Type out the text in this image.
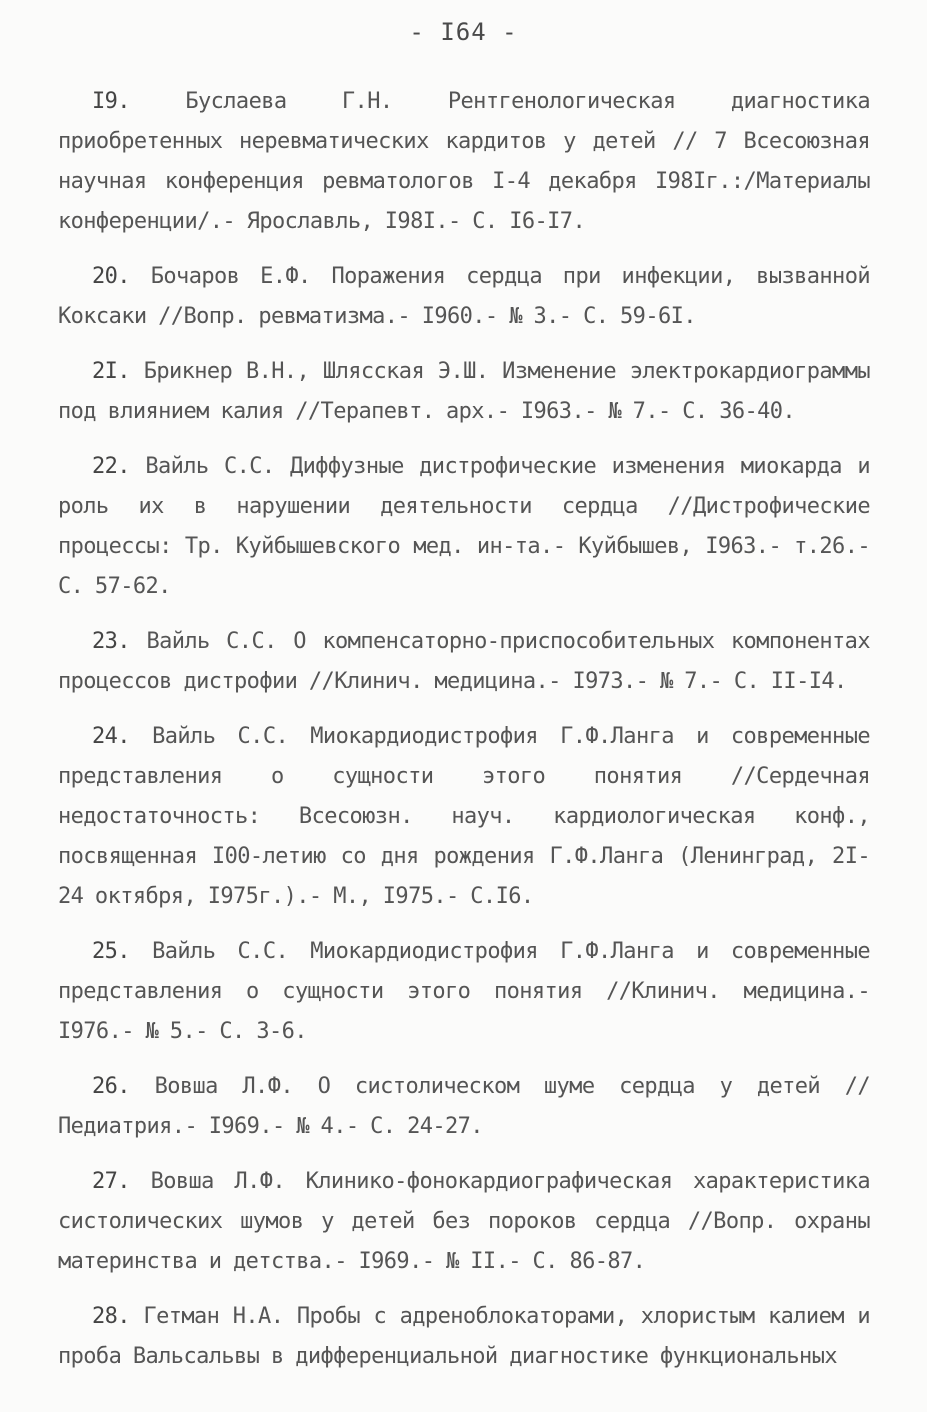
- I64 -

I9.	Буслаева Г.Н. Рентгенологическая диагностика приобретенных неревматических кардитов у детей // 7 Всесоюзная научная конференция ревматологов I-4 декабря I98Iг.:/Материалы конференции/.- Ярославль, I98I.- С. I6-I7.

20. Бочаров Е.Ф. Поражения сердца при инфекции, вызванной Коксаки //Вопр. ревматизма.- I960.- № 3.- С. 59-6I.

2I. Брикнер В.Н., Шлясская Э.Ш. Изменение электрокардиограммы под влиянием калия //Терапевт. арх.- I963.- № 7.- С. 36-40.

22. Вайль С.С. Диффузные дистрофические изменения миокарда и роль их в нарушении деятельности сердца //Дистрофические процессы: Тр. Куйбышевского мед. ин-та.- Куйбышев, I963.- т.26.- С. 57-62.

23. Вайль С.С. О компенсаторно-приспособительных компонентах процессов дистрофии //Клинич. медицина.- I973.- № 7.- С. II-I4.

24. Вайль С.С. Миокардиодистрофия Г.Ф.Ланга и современные представления о сущности этого понятия //Сердечная недостаточность: Всесоюзн. науч. кардиологическая конф., посвященная I00-летию со дня рождения Г.Ф.Ланга (Ленинград, 2I-24 октября, I975г.).- М., I975.- С.I6.

25. Вайль С.С. Миокардиодистрофия Г.Ф.Ланга и современные представления о сущности этого понятия //Клинич. медицина.- I976.- № 5.- С. 3-6.

26. Вовша Л.Ф. О систолическом шуме сердца у детей //Педиатрия.- I969.- № 4.- С. 24-27.

27. Вовша Л.Ф. Клинико-фонокардиографическая характеристика систолических шумов у детей без пороков сердца //Вопр. охраны материнства и детства.- I969.- № II.- С. 86-87.

28. Гетман Н.А. Пробы с адреноблокаторами, хлористым калием и проба Вальсальвы в дифференциальной диагностике функциональных
